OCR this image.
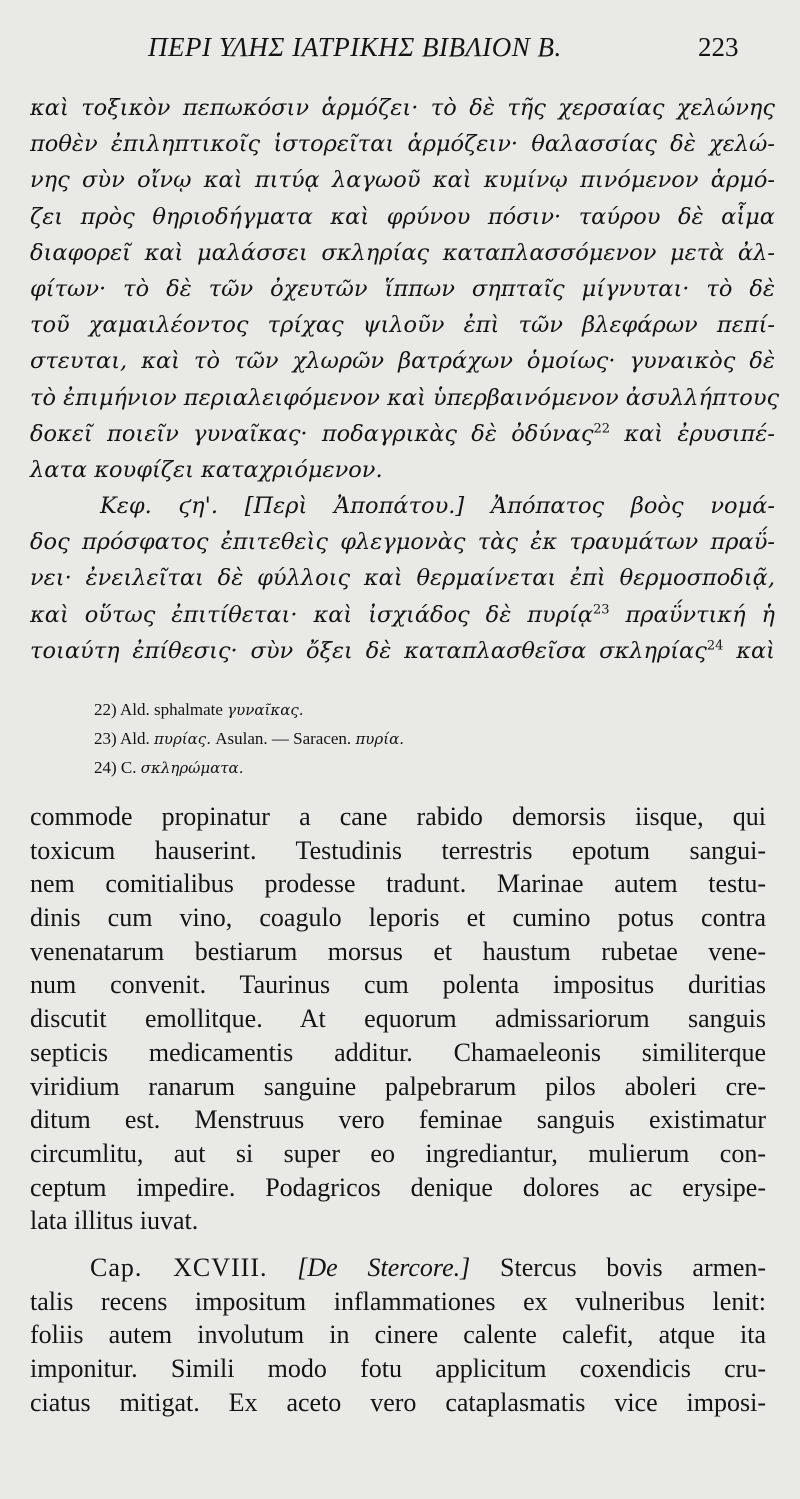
ΠΕΡΙ ΥΛΗΣ ΙΑΤΡΙΚΗΣ ΒΙΒΛΙΟΝ Β.	223
καὶ τοξικὸν πεπωκόσιν ἁρμόζει· τὸ δὲ τῆς χερσαίας χελώνης
ποθὲν ἐπιληπτικοῖς ἱστορεῖται ἁρμόζειν· θαλασσίας δὲ χελώ-
νης σὺν οἴνῳ καὶ πιτύᾳ λαγωοῦ καὶ κυμίνῳ πινόμενον ἁρμό-
ζει πρὸς θηριοδήγματα καὶ φρύνου πόσιν· ταύρου δὲ αἷμα
διαφορεῖ καὶ μαλάσσει σκληρίας καταπλασσόμενον μετὰ ἀλ-
φίτων· τὸ δὲ τῶν ὀχευτῶν ἵππων σηπταῖς μίγνυται· τὸ δὲ
τοῦ χαμαιλέοντος τρίχας ψιλοῦν ἐπὶ τῶν βλεφάρων πεπί-
στευται, καὶ τὸ τῶν χλωρῶν βατράχων ὁμοίως· γυναικὸς δὲ
τὸ ἐπιμήνιον περιαλειφόμενον καὶ ὑπερβαινόμενον ἀσυλλήπτους
δοκεῖ ποιεῖν γυναῖκας· ποδαγρικὰς δὲ ὀδύνας$^{22}$ καὶ ἐρυσιπέ-
λατα κουφίζει καταχριόμενον.
Κεφ. ϛη'. [Περὶ Ἀποπάτου.] Ἀπόπατος βοὸς νομά-
δος πρόσφατος ἐπιτεθεὶς φλεγμονὰς τὰς ἐκ τραυμάτων πραΰ-
νει· ἐνειλεῖται δὲ φύλλοις καὶ θερμαίνεται ἐπὶ θερμοσποδιᾷ,
καὶ οὕτως ἐπιτίθεται· καὶ ἰσχιάδος δὲ πυρίᾳ$^{23}$ πραΰντική ἡ
τοιαύτη ἐπίθεσις· σὺν ὄξει δὲ καταπλασθεῖσα σκληρίας$^{24}$ καὶ
22) Ald. sphalmate γυναῖκας.
23) Ald. πυρίας. Asulan. — Saracen. πυρία.
24) C. σκληρώματα.
commode propinatur a cane rabido demorsis iisque, qui
toxicum hauserint. Testudinis terrestris epotum sangui-
nem comitialibus prodesse tradunt. Marinae autem testu-
dinis cum vino, coagulo leporis et cumino potus contra
venenatarum bestiarum morsus et haustum rubetae vene-
num convenit. Taurinus cum polenta impositus duritias
discutit emollitque. At equorum admissariorum sanguis
septicis medicamentis additur. Chamaeleonis similiterque
viridium ranarum sanguine palpebrarum pilos aboleri cre-
ditum est. Menstruus vero feminae sanguis existimatur
circumlitu, aut si super eo ingrediantur, mulierum con-
ceptum impedire. Podagricos denique dolores ac erysipe-
lata illitus iuvat.
Cap. XCVIII. [De Stercore.] Stercus bovis armen-
talis recens impositum inflammationes ex vulneribus lenit:
foliis autem involutum in cinere calente calefit, atque ita
imponitur. Simili modo fotu applicitum coxendicis cru-
ciatus mitigat. Ex aceto vero cataplasmatis vice imposi-
